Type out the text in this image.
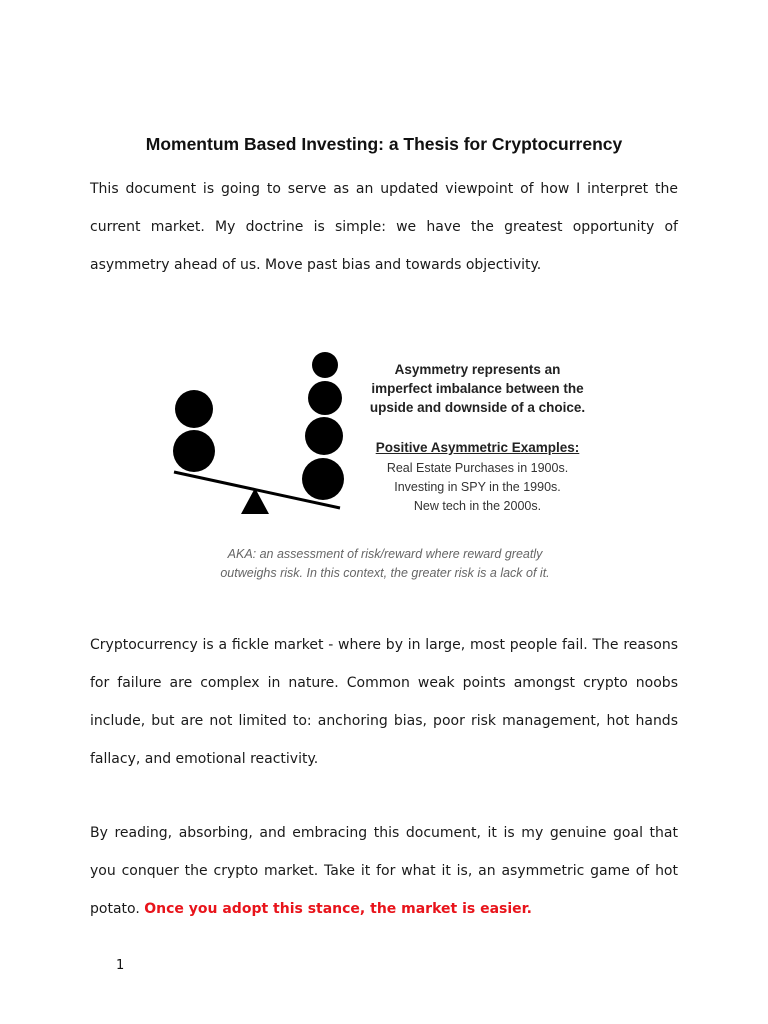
Momentum Based Investing: a Thesis for Cryptocurrency

This document is going to serve as an updated viewpoint of how I interpret the current market. My doctrine is simple: we have the greatest opportunity of asymmetry ahead of us. Move past bias and towards objectivity.

Asymmetry represents an
imperfect imbalance between the
upside and downside of a choice.
Positive Asymmetric Examples:
Real Estate Purchases in 1900s.
Investing in SPY in the 1990s.
New tech in the 2000s.
AKA: an assessment of risk/reward where reward greatly
outweighs risk. In this context, the greater risk is a lack of it.

Cryptocurrency is a fickle market - where by in large, most people fail. The reasons for failure are complex in nature. Common weak points amongst crypto noobs include, but are not limited to: anchoring bias, poor risk management, hot hands fallacy, and emotional reactivity.

By reading, absorbing, and embracing this document, it is my genuine goal that you conquer the crypto market. Take it for what it is, an asymmetric game of hot potato. Once you adopt this stance, the market is easier.

1
